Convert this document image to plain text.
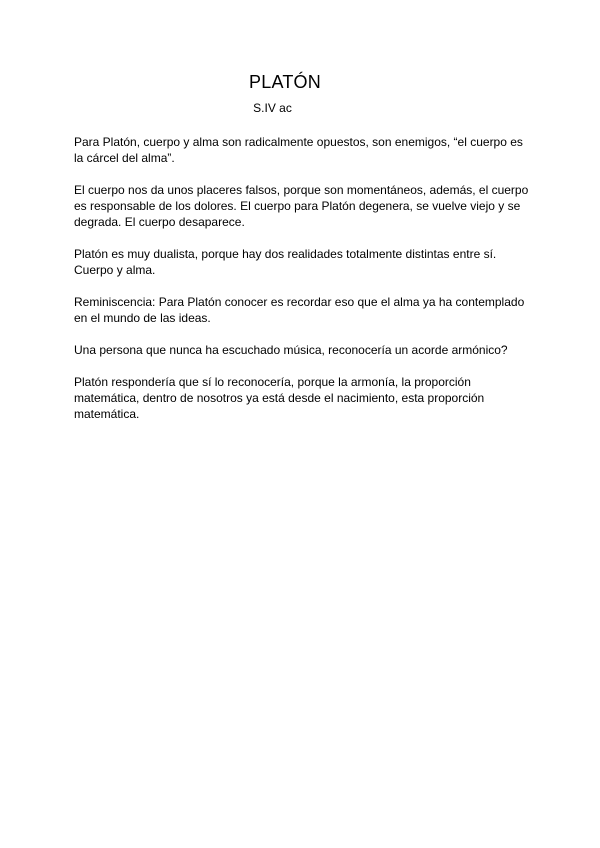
PLATÓN
S.IV ac

Para Platón, cuerpo y alma son radicalmente opuestos, son enemigos, “el cuerpo es la cárcel del alma”.

El cuerpo nos da unos placeres falsos, porque son momentáneos, además, el cuerpo es responsable de los dolores. El cuerpo para Platón degenera, se vuelve viejo y se degrada. El cuerpo desaparece.

Platón es muy dualista, porque hay dos realidades totalmente distintas entre sí. Cuerpo y alma.

Reminiscencia: Para Platón conocer es recordar eso que el alma ya ha contemplado en el mundo de las ideas.

Una persona que nunca ha escuchado música, reconocería un acorde armónico?

Platón respondería que sí lo reconocería, porque la armonía, la proporción matemática, dentro de nosotros ya está desde el nacimiento, esta proporción matemática.
